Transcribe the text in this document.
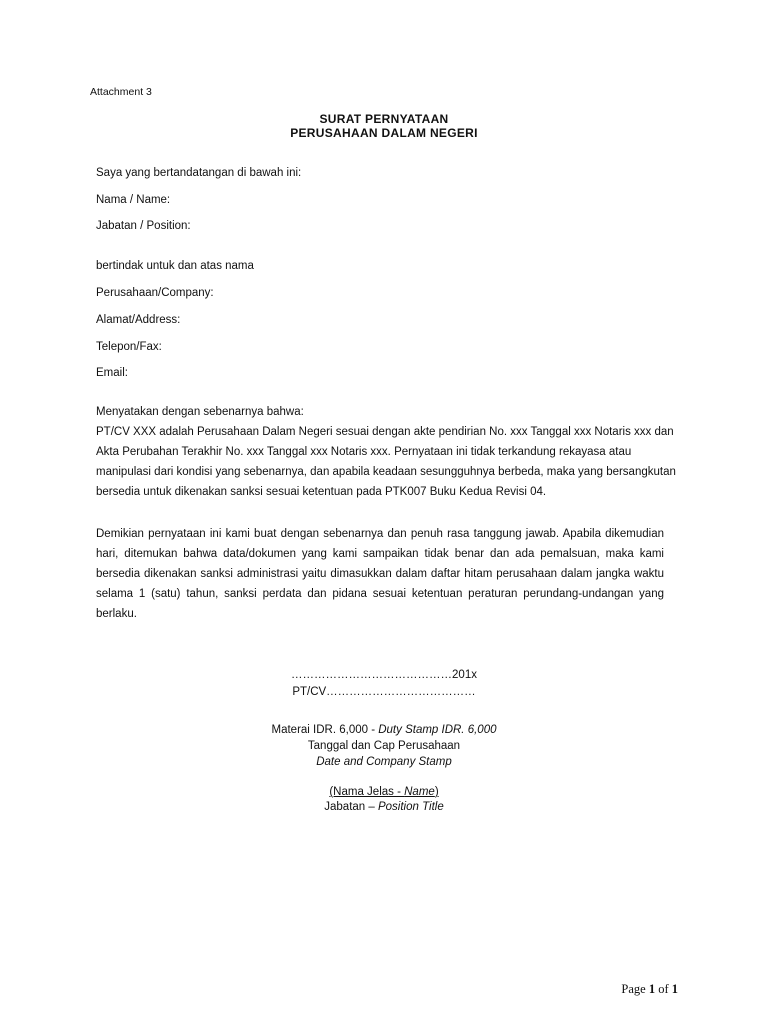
Attachment 3
SURAT PERNYATAAN
PERUSAHAAN DALAM NEGERI
Saya yang bertandatangan di bawah ini:
Nama / Name:
Jabatan / Position:
bertindak untuk dan atas nama
Perusahaan/Company:
Alamat/Address:
Telepon/Fax:
Email:
Menyatakan dengan sebenarnya bahwa:
PT/CV XXX adalah Perusahaan Dalam Negeri sesuai dengan akte pendirian No. xxx Tanggal xxx Notaris xxx dan
Akta Perubahan Terakhir No. xxx Tanggal xxx Notaris xxx. Pernyataan ini tidak terkandung rekayasa atau
manipulasi dari kondisi yang sebenarnya, dan apabila keadaan sesungguhnya berbeda, maka yang bersangkutan
bersedia untuk dikenakan sanksi sesuai ketentuan pada PTK007 Buku Kedua Revisi 04.
Demikian pernyataan ini kami buat dengan sebenarnya dan penuh rasa tanggung jawab. Apabila dikemudian
hari, ditemukan bahwa data/dokumen yang kami sampaikan tidak benar dan ada pemalsuan, maka kami
bersedia dikenakan sanksi administrasi yaitu dimasukkan dalam daftar hitam perusahaan dalam jangka waktu
selama 1 (satu) tahun, sanksi perdata dan pidana sesuai ketentuan peraturan perundang-undangan yang
berlaku.
……………………………………201x
PT/CV…………………………………
Materai IDR. 6,000 - Duty Stamp IDR. 6,000
Tanggal dan Cap Perusahaan
Date and Company Stamp
(Nama Jelas - Name)
Jabatan – Position Title
Page 1 of 1
